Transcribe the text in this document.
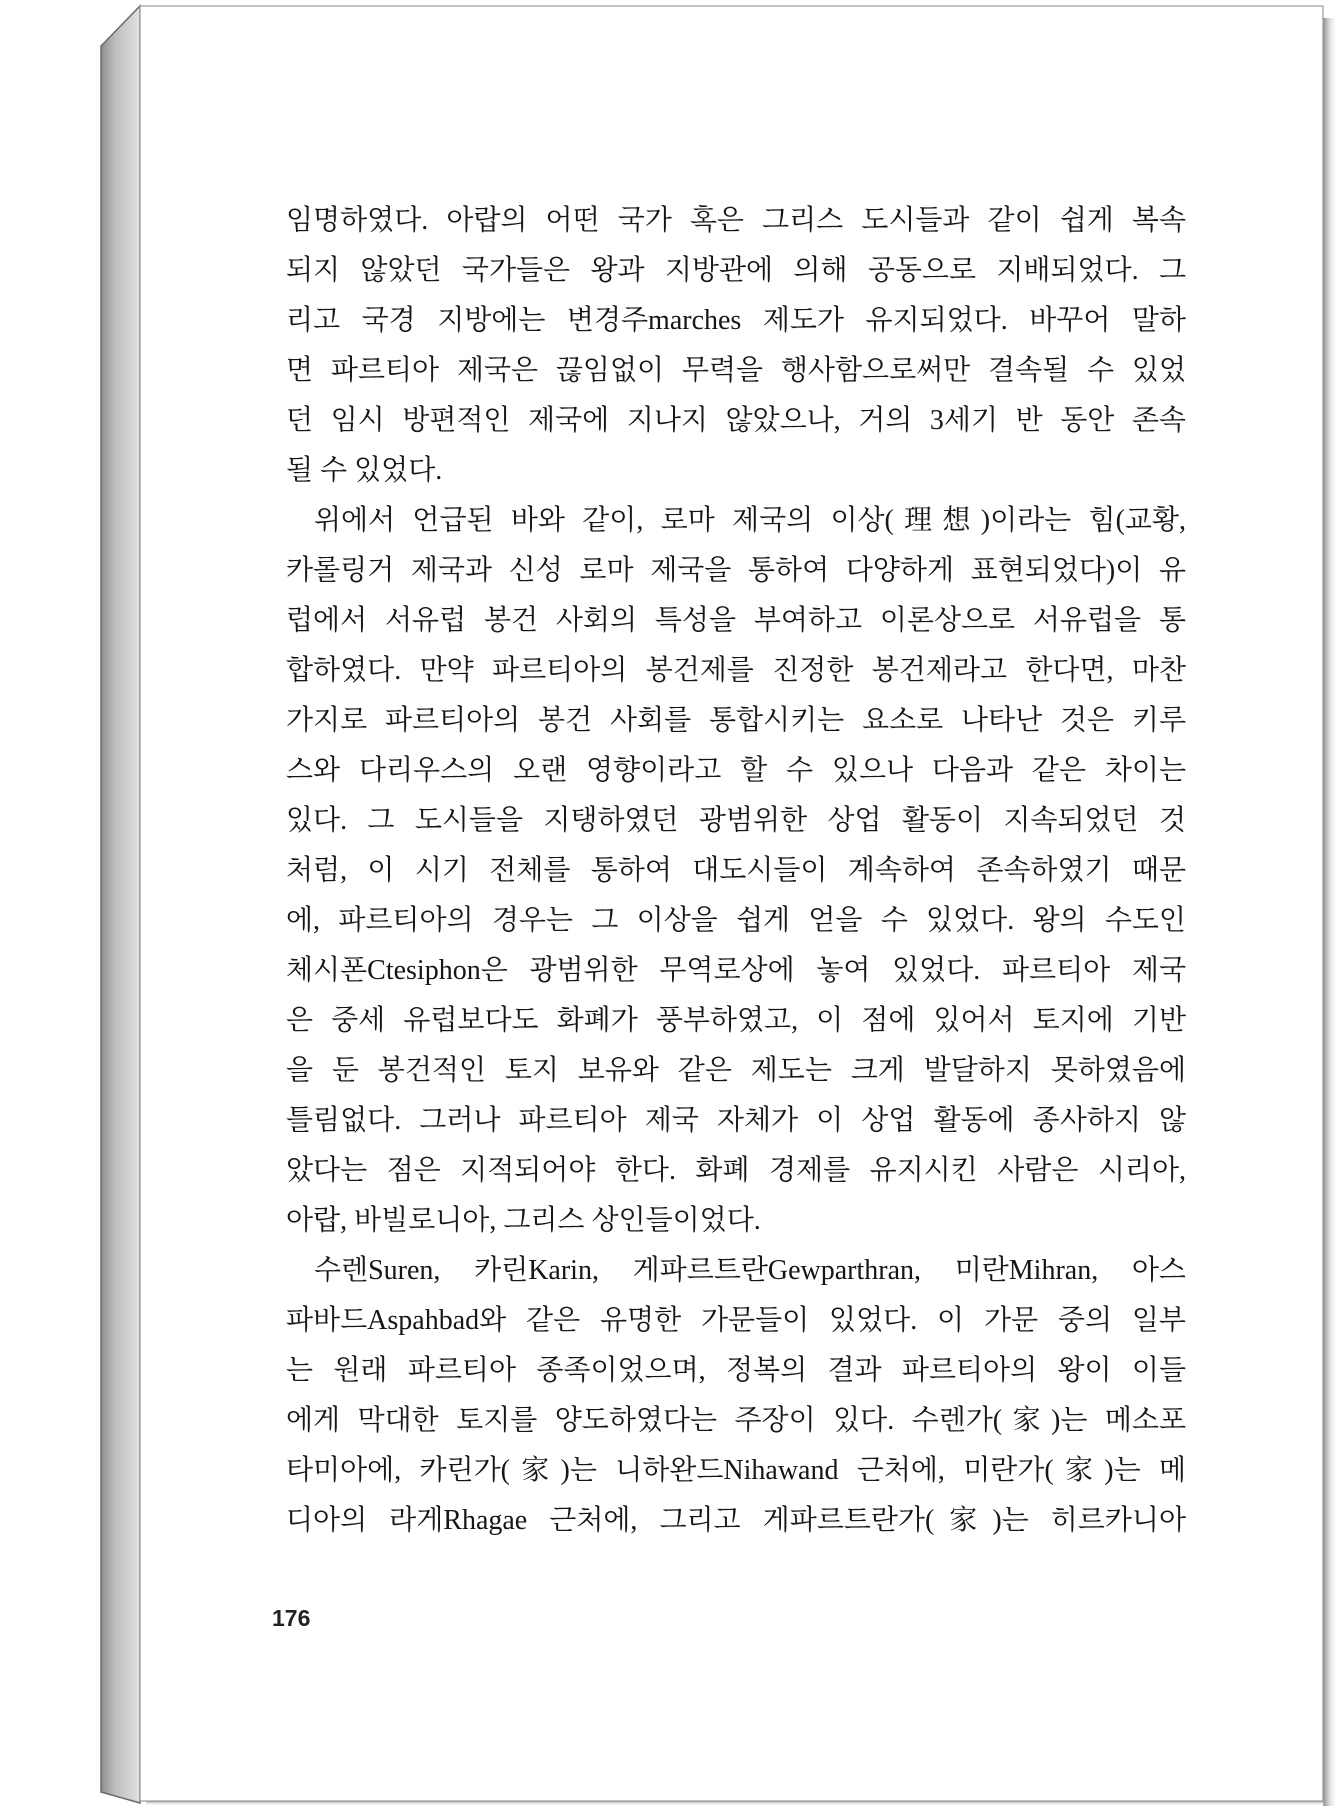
임명하였다. 아랍의 어떤 국가 혹은 그리스 도시들과 같이 쉽게 복속
되지 않았던 국가들은 왕과 지방관에 의해 공동으로 지배되었다. 그
리고 국경 지방에는 변경주marches 제도가 유지되었다. 바꾸어 말하
면 파르티아 제국은 끊임없이 무력을 행사함으로써만 결속될 수 있었
던 임시 방편적인 제국에 지나지 않았으나, 거의 3세기 반 동안 존속
될 수 있었다.
위에서 언급된 바와 같이, 로마 제국의 이상(理想)이라는 힘(교황,
카롤링거 제국과 신성 로마 제국을 통하여 다양하게 표현되었다)이 유
럽에서 서유럽 봉건 사회의 특성을 부여하고 이론상으로 서유럽을 통
합하였다. 만약 파르티아의 봉건제를 진정한 봉건제라고 한다면, 마찬
가지로 파르티아의 봉건 사회를 통합시키는 요소로 나타난 것은 키루
스와 다리우스의 오랜 영향이라고 할 수 있으나 다음과 같은 차이는
있다. 그 도시들을 지탱하였던 광범위한 상업 활동이 지속되었던 것
처럼, 이 시기 전체를 통하여 대도시들이 계속하여 존속하였기 때문
에, 파르티아의 경우는 그 이상을 쉽게 얻을 수 있었다. 왕의 수도인
체시폰Ctesiphon은 광범위한 무역로상에 놓여 있었다. 파르티아 제국
은 중세 유럽보다도 화폐가 풍부하였고, 이 점에 있어서 토지에 기반
을 둔 봉건적인 토지 보유와 같은 제도는 크게 발달하지 못하였음에
틀림없다. 그러나 파르티아 제국 자체가 이 상업 활동에 종사하지 않
았다는 점은 지적되어야 한다. 화폐 경제를 유지시킨 사람은 시리아,
아랍, 바빌로니아, 그리스 상인들이었다.
수렌Suren, 카린Karin, 게파르트란Gewparthran, 미란Mihran, 아스
파바드Aspahbad와 같은 유명한 가문들이 있었다. 이 가문 중의 일부
는 원래 파르티아 종족이었으며, 정복의 결과 파르티아의 왕이 이들
에게 막대한 토지를 양도하였다는 주장이 있다. 수렌가(家)는 메소포
타미아에, 카린가(家)는 니하완드Nihawand 근처에, 미란가(家)는 메
디아의 라게Rhagae 근처에, 그리고 게파르트란가(家)는 히르카니아
176
